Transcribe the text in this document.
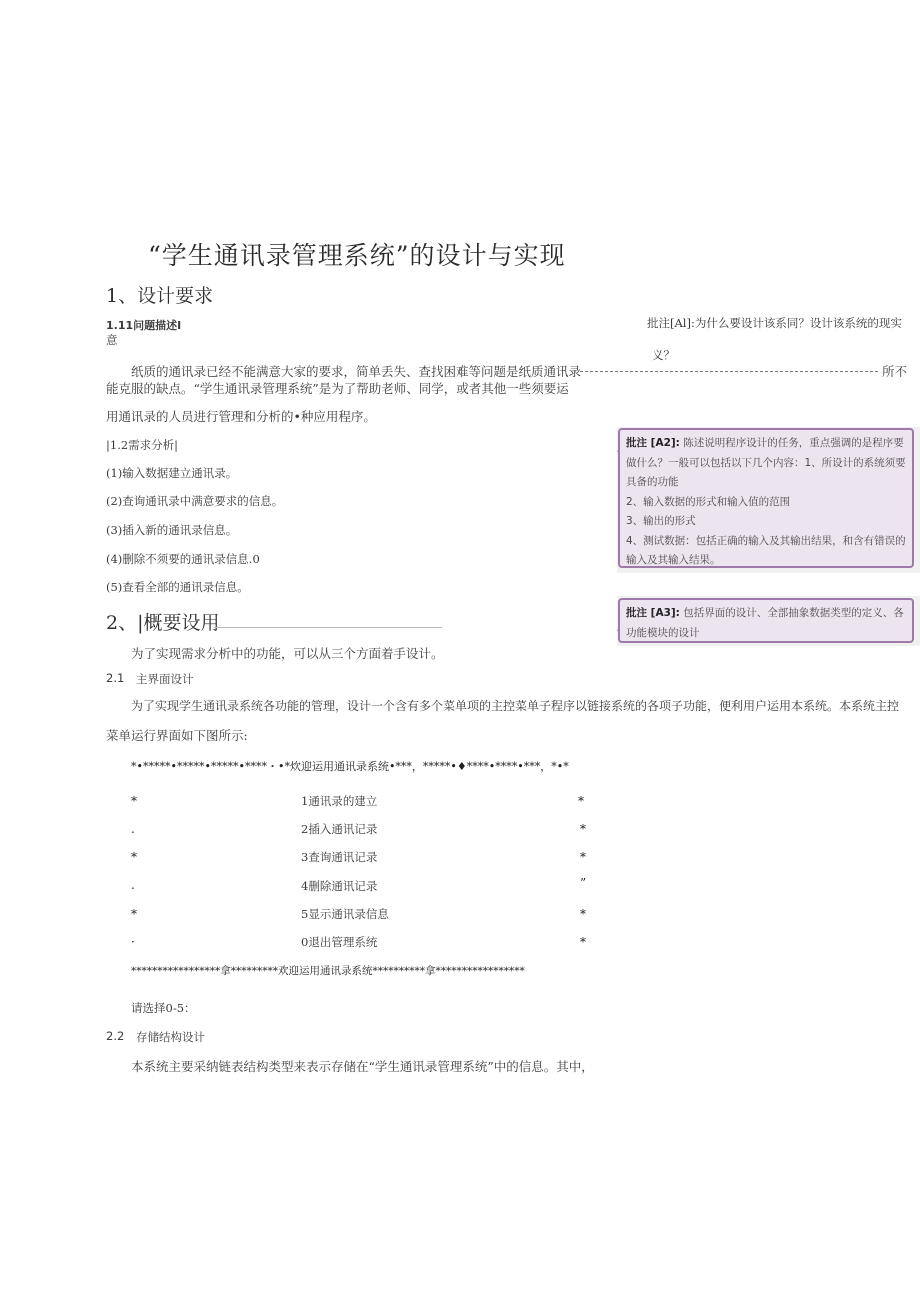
“学生通讯录管理系统”的设计与实现
1、设计要求
1.11问题描述I
意
纸质的通讯录已经不能满意大家的要求，简单丢失、查找困难等问题是纸质通讯录	所不
能克服的缺点。“学生通讯录管理系统”是为了帮助老师、同学，或者其他一些须要运
用通讯录的人员进行管理和分析的•种应用程序。
|1.2需求分析|
(1)输入数据建立通讯录。
(2)查询通讯录中满意要求的信息。
(3)插入新的通讯录信息。
(4)删除不须要的通讯录信息.0
(5)查看全部的通讯录信息。
2、|概要设用
为了实现需求分析中的功能，可以从三个方面着手设计。
2.1 主界面设计
为了实现学生通讯录系统各功能的管理，设计一个含有多个菜单项的主控菜单子程序以链接系统的各项子功能，便利用户运用本系统。本系统主控
菜单运行界面如下图所示:
*•*****•*****•*****•****・•*炊迎运用通讯录系统•***，*****•♦****•****•***，*•*
*	1通讯录的建立	*
.	2插入通讯记录	*
*	3查询通讯记录	*
.	4删除通讯记录	”
*	5显示通讯录信息	*
·	0退出管理系统	*
*****************拿*********欢迎运用通讯录系统**********拿*****************
请选择0-5：
2.2 存储结构设计
本系统主要采纳链表结构类型来表示存储在“学生通讯录管理系统”中的信息。其中，
批注[Al]:为什么要设计该系同？设计该系统的现实
义？
批注 [A2]: 陈述说明程序设计的任务，重点强调的是程序要做什么？一般可以包括以下几个内容：1、所设计的系统须要具备的功能
2、输入数据的形式和输入值的范围
3、输出的形式
4、测试数据：包括正确的输入及其输出结果，和含有错误的输入及其输入结果。
批注 [A3]: 包括界面的设计、全部抽象数据类型的定义、各功能模块的设计
